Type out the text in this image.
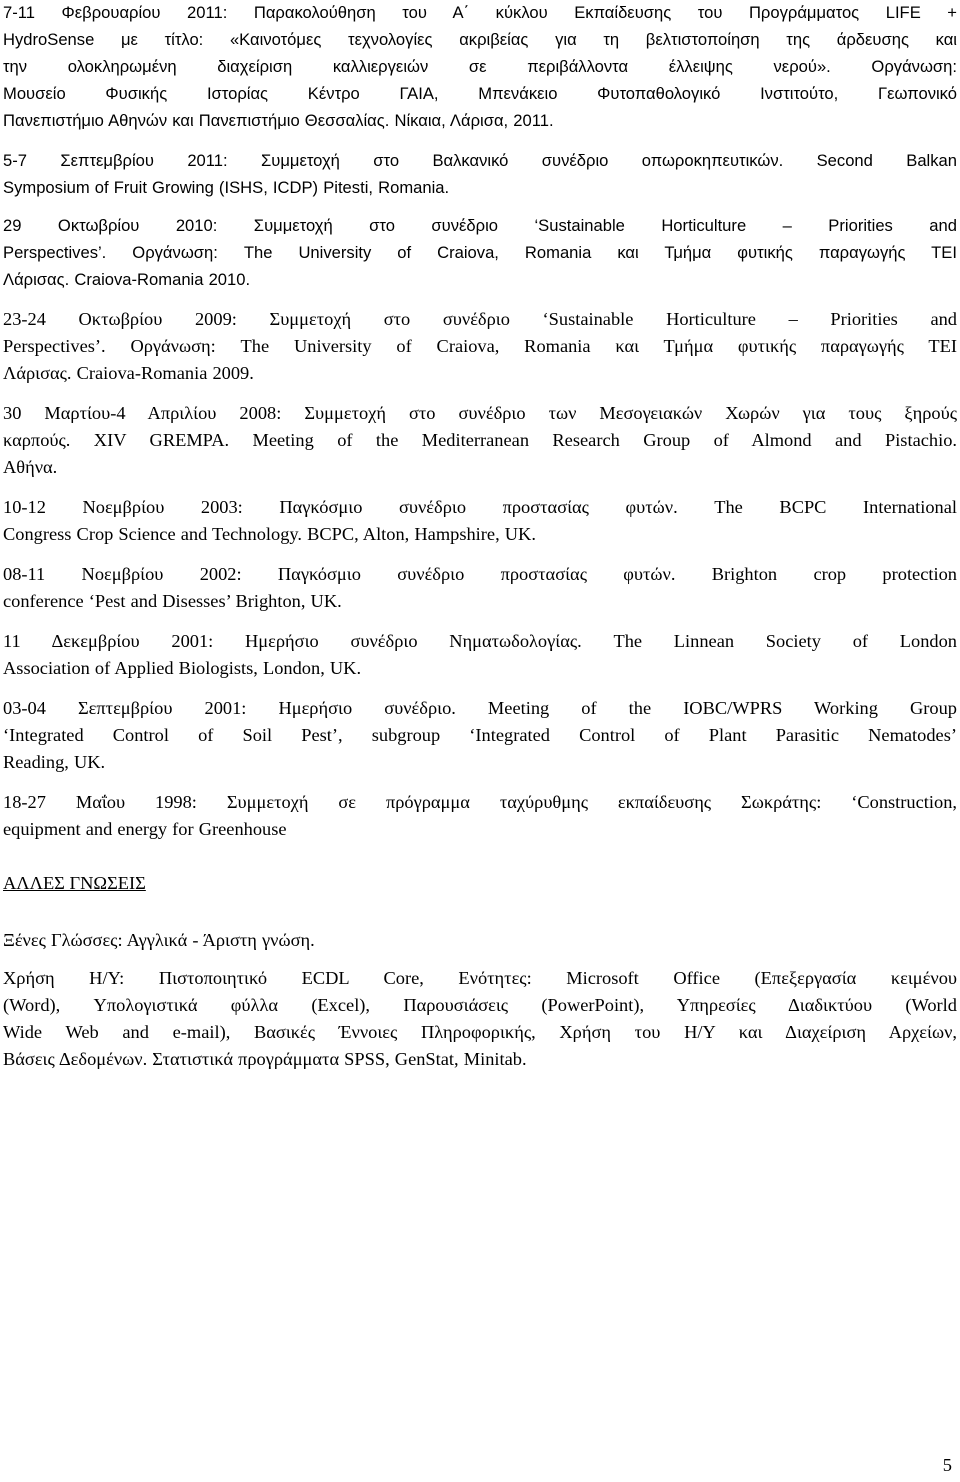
7-11 Φεβρουαρίου 2011: Παρακολούθηση του Α΄ κύκλου Εκπαίδευσης του Προγράμματος LIFE +
HydroSense με τίτλο: «Καινοτόμες τεχνολογίες ακριβείας για τη βελτιστοποίηση της άρδευσης και
την ολοκληρωμένη διαχείριση καλλιεργειών σε περιβάλλοντα έλλειψης νερού». Οργάνωση:
Μουσείο Φυσικής Ιστορίας Κέντρο ΓΑΙΑ, Μπενάκειο Φυτοπαθολογικό Ινστιτούτο, Γεωπονικό
Πανεπιστήμιο Αθηνών και Πανεπιστήμιο Θεσσαλίας. Νίκαια, Λάρισα, 2011.
5-7 Σεπτεμβρίου 2011: Συμμετοχή στο Βαλκανικό συνέδριο οπωροκηπευτικών. Second Balkan
Symposium of Fruit Growing (ISHS, ICDP) Pitesti, Romania.
29 Οκτωβρίου 2010: Συμμετοχή στο συνέδριο ‘Sustainable Horticulture – Priorities and
Perspectives’. Οργάνωση: The University of Craiova, Romania και Τμήμα φυτικής παραγωγής ΤΕΙ
Λάρισας. Craiova-Romania 2010.
23-24 Οκτωβρίου 2009: Συμμετοχή στο συνέδριο ‘Sustainable Horticulture – Priorities and
Perspectives’. Οργάνωση: The University of Craiova, Romania και Τμήμα φυτικής παραγωγής ΤΕΙ
Λάρισας. Craiova-Romania 2009.
30 Μαρτίου-4 Απριλίου 2008: Συμμετοχή στο συνέδριο των Μεσογειακών Χωρών για τους ξηρούς
καρπούς. XIV GREMPA. Meeting of the Mediterranean Research Group of Almond and Pistachio.
Αθήνα.
10-12 Νοεμβρίου 2003: Παγκόσμιο συνέδριο προστασίας φυτών. The BCPC International
Congress Crop Science and Technology. BCPC, Alton, Hampshire, UK.
08-11 Νοεμβρίου 2002: Παγκόσμιο συνέδριο προστασίας φυτών. Brighton crop protection
conference ‘Pest and Disesses’ Brighton, UK.
11 Δεκεμβρίου 2001: Ημερήσιο συνέδριο Νηματωδολογίας. The Linnean Society of London
Association of Applied Biologists, London, UK.
03-04 Σεπτεμβρίου 2001: Ημερήσιο συνέδριο. Meeting of the IOBC/WPRS Working Group
‘Integrated Control of Soil Pest’, subgroup ‘Integrated Control of Plant Parasitic Nematodes’
Reading, UK.
18-27 Μαΐου 1998: Συμμετοχή σε πρόγραμμα ταχύρυθμης εκπαίδευσης Σωκράτης: ‘Construction,
equipment and energy for Greenhouse
ΑΛΛΕΣ ΓΝΩΣΕΙΣ
Ξένες Γλώσσες: Αγγλικά - Άριστη γνώση.
Χρήση Η/Υ: Πιστοποιητικό ECDL Core, Ενότητες: Microsoft Office (Επεξεργασία κειμένου
(Word), Υπολογιστικά φύλλα (Excel), Παρουσιάσεις (PowerPoint), Υπηρεσίες Διαδικτύου (World
Wide Web and e-mail), Βασικές Έννοιες Πληροφορικής, Χρήση του Η/Υ και Διαχείριση Αρχείων,
Βάσεις Δεδομένων. Στατιστικά προγράμματα SPSS, GenStat, Minitab.
5
